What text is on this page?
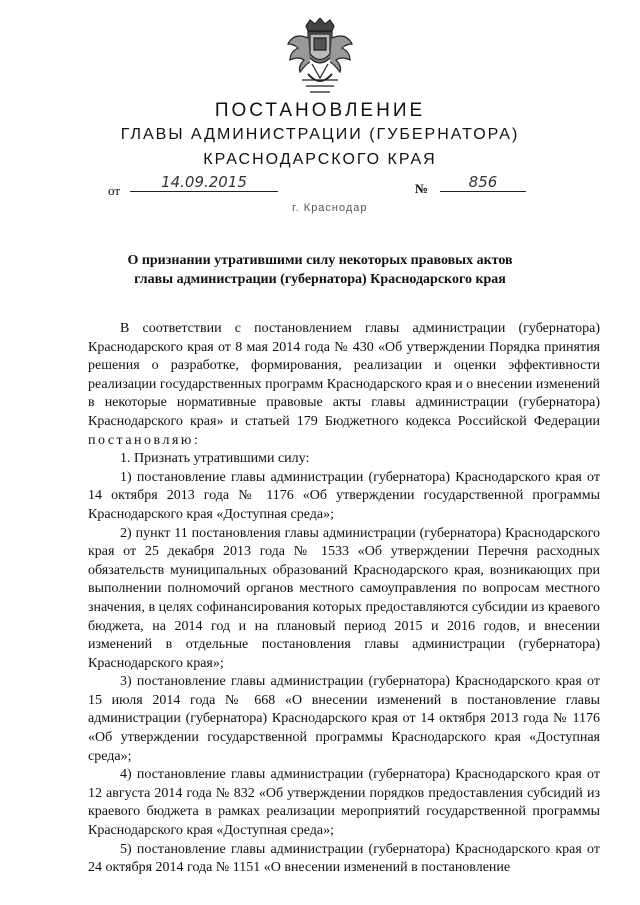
ПОСТАНОВЛЕНИЕ
ГЛАВЫ АДМИНИСТРАЦИИ (ГУБЕРНАТОРА)
КРАСНОДАРСКОГО КРАЯ
от	14.09.2015	№	856
г. Краснодар
О признании утратившими силу некоторых правовых актов
главы администрации (губернатора) Краснодарского края

В соответствии с постановлением главы администрации (губернатора) Краснодарского края от 8 мая 2014 года № 430 «Об утверждении Порядка принятия решения о разработке, формирования, реализации и оценки эффективности реализации государственных программ Краснодарского края и о внесении изменений в некоторые нормативные правовые акты главы администрации (губернатора) Краснодарского края» и статьей 179 Бюджетного кодекса Российской Федерации постановляю:

1. Признать утратившими силу:

1) постановление главы администрации (губернатора) Краснодарского края от 14 октября 2013 года № 1176 «Об утверждении государственной программы Краснодарского края «Доступная среда»;

2) пункт 11 постановления главы администрации (губернатора) Краснодарского края от 25 декабря 2013 года № 1533 «Об утверждении Перечня расходных обязательств муниципальных образований Краснодарского края, возникающих при выполнении полномочий органов местного самоуправления по вопросам местного значения, в целях софинансирования которых предоставляются субсидии из краевого бюджета, на 2014 год и на плановый период 2015 и 2016 годов, и внесении изменений в отдельные постановления главы администрации (губернатора) Краснодарского края»;

3) постановление главы администрации (губернатора) Краснодарского края от 15 июля 2014 года № 668 «О внесении изменений в постановление главы администрации (губернатора) Краснодарского края от 14 октября 2013 года № 1176 «Об утверждении государственной программы Краснодарского края «Доступная среда»;

4) постановление главы администрации (губернатора) Краснодарского края от 12 августа 2014 года № 832 «Об утверждении порядков предоставления субсидий из краевого бюджета в рамках реализации мероприятий государственной программы Краснодарского края «Доступная среда»;

5) постановление главы администрации (губернатора) Краснодарского края от 24 октября 2014 года № 1151 «О внесении изменений в постановление
